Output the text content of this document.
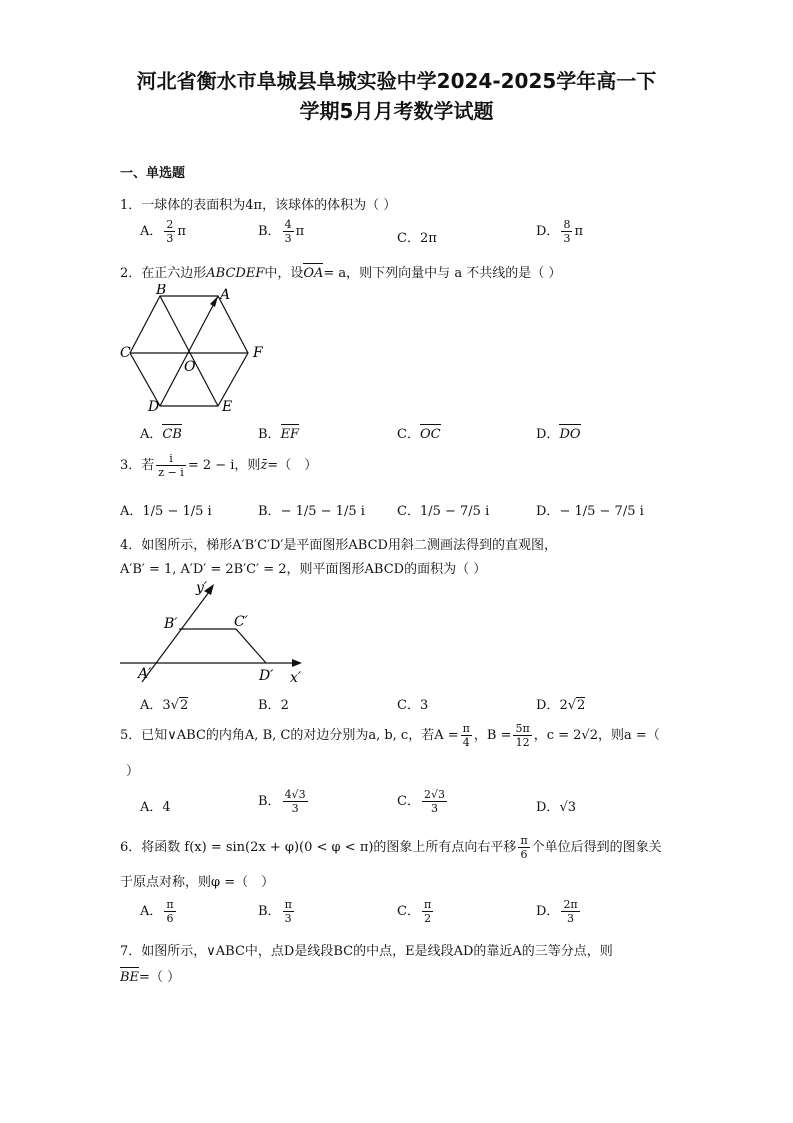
河北省衡水市阜城县阜城实验中学2024-2025学年高一下
学期5月月考数学试题
一、单选题
1．一球体的表面积为4π，该球体的体积为（ ）
A． $\frac{2}{3}$ π	B． $\frac{4}{3}$ π	C．2π	D． $\frac{8}{3}$ π
2．在正六边形ABCDEF中，设OA= a，则下列向量中与 a 不共线的是（ ）
B	A
C	F
O
D	E
A．CB	B．EF	C．OC	D．DO
3．若 $\frac{i}{z - i} = 2 - i$，则z̄=（　）
A．1/5 − 1/5 i	B．− 1/5 − 1/5 i C．1/5 − 7/5 i	D．− 1/5 − 7/5 i
4．如图所示，梯形A′B′C′D′是平面图形ABCD用斜二测画法得到的直观图，
A′B′ = 1, A′D′ = 2B′C′ = 2，则平面图形ABCD的面积为（ ）
y′
x′
B′	C′
A′	D′
A．3√2	B．2	C．3	D．2√2
5．已知∨ABC的内角A, B, C的对边分别为a, b, c，若$A = \frac{\pi}{4}$ ，$B = \frac{5\pi}{12}$ ，c = 2√2，则a =（
）
A．4	B． $\frac{4√3}{3}$	C． $\frac{2√3}{3}$	D．√3
6．将函数 f(x) = sin(2x + φ)(0 < φ < π)的图象上所有点向右平移 $\frac{\pi}{6}$ 个单位后得到的图象关
于原点对称，则φ =（　）
A． $\frac{\pi}{6}$	B． $\frac{\pi}{3}$	C． $\frac{\pi}{2}$	D． $\frac{2\pi}{3}$
7．如图所示，∨ABC中，点D是线段BC的中点，E是线段AD的靠近A的三等分点，则
BE=（ ）
